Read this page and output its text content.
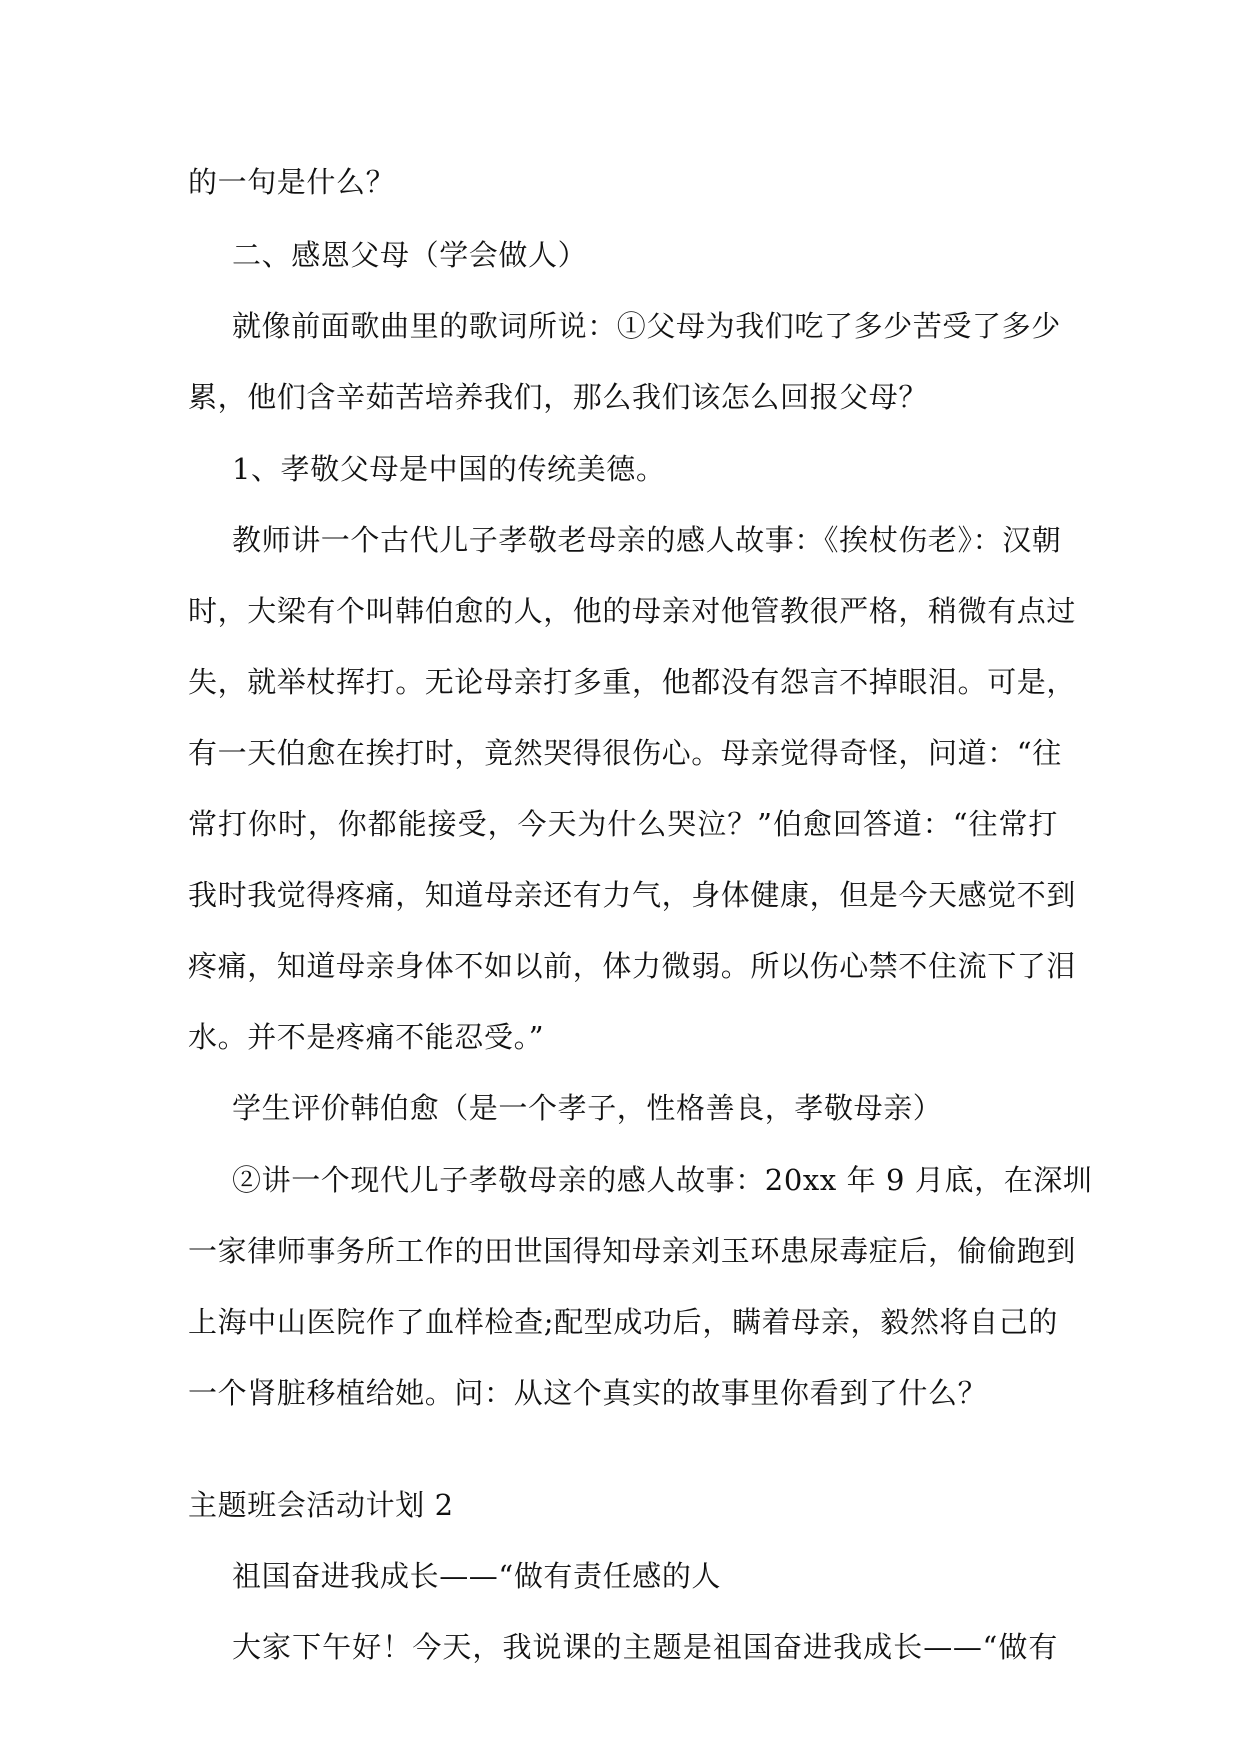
的一句是什么？
二、感恩父母（学会做人）
就像前面歌曲里的歌词所说：①父母为我们吃了多少苦受了多少
累，他们含辛茹苦培养我们，那么我们该怎么回报父母？
1、孝敬父母是中国的传统美德。
教师讲一个古代儿子孝敬老母亲的感人故事：《挨杖伤老》：汉朝
时，大梁有个叫韩伯愈的人，他的母亲对他管教很严格，稍微有点过
失，就举杖挥打。无论母亲打多重，他都没有怨言不掉眼泪。可是，
有一天伯愈在挨打时，竟然哭得很伤心。母亲觉得奇怪，问道：“往
常打你时，你都能接受，今天为什么哭泣？”伯愈回答道：“往常打
我时我觉得疼痛，知道母亲还有力气，身体健康，但是今天感觉不到
疼痛，知道母亲身体不如以前，体力微弱。所以伤心禁不住流下了泪
水。并不是疼痛不能忍受。”
学生评价韩伯愈（是一个孝子，性格善良，孝敬母亲）
②讲一个现代儿子孝敬母亲的感人故事：20xx 年 9 月底，在深圳
一家律师事务所工作的田世国得知母亲刘玉环患尿毒症后，偷偷跑到
上海中山医院作了血样检查;配型成功后，瞒着母亲，毅然将自己的
一个肾脏移植给她。问：从这个真实的故事里你看到了什么？
主题班会活动计划 2
祖国奋进我成长——“做有责任感的人
大家下午好！今天，我说课的主题是祖国奋进我成长——“做有
